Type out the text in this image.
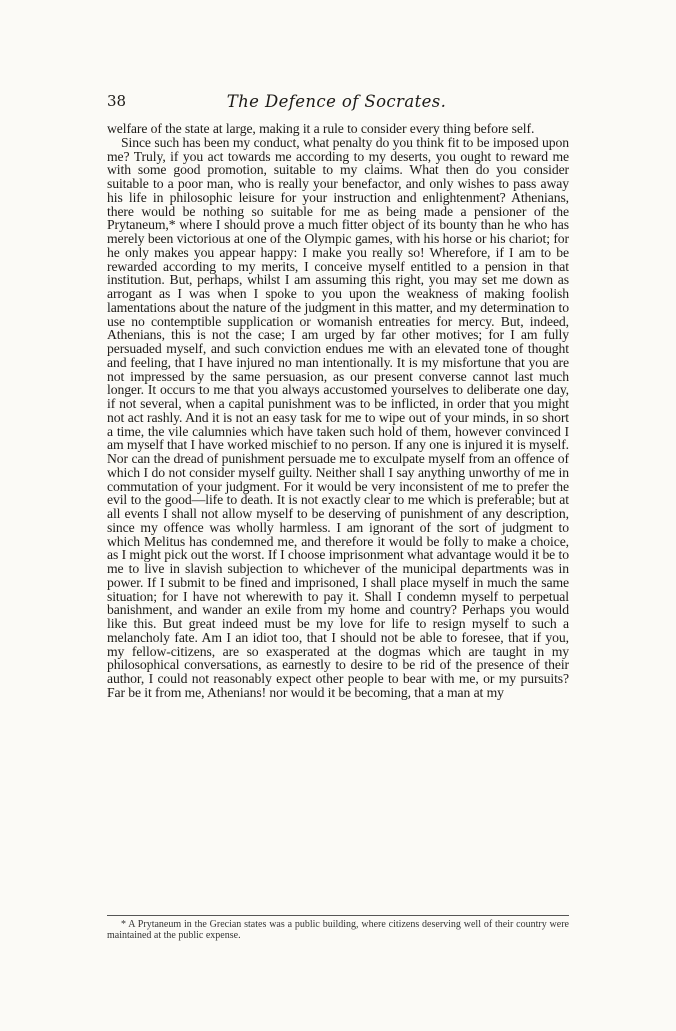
38	The Defence of Socrates.

welfare of the state at large, making it a rule to consider every thing before self.

Since such has been my conduct, what penalty do you think fit to be imposed upon me? Truly, if you act towards me according to my deserts, you ought to reward me with some good promotion, suitable to my claims. What then do you consider suitable to a poor man, who is really your benefactor, and only wishes to pass away his life in philosophic leisure for your instruction and enlightenment? Athenians, there would be nothing so suitable for me as being made a pensioner of the Prytaneum,* where I should prove a much fitter object of its bounty than he who has merely been victorious at one of the Olympic games, with his horse or his chariot; for he only makes you appear happy: I make you really so! Wherefore, if I am to be rewarded according to my merits, I conceive myself entitled to a pension in that institution. But, perhaps, whilst I am assuming this right, you may set me down as arrogant as I was when I spoke to you upon the weakness of making foolish lamentations about the nature of the judgment in this matter, and my determination to use no contemptible supplication or womanish entreaties for mercy. But, indeed, Athenians, this is not the case; I am urged by far other motives; for I am fully persuaded myself, and such conviction endues me with an elevated tone of thought and feeling, that I have injured no man intentionally. It is my misfortune that you are not impressed by the same persuasion, as our present converse cannot last much longer. It occurs to me that you always accustomed yourselves to deliberate one day, if not several, when a capital punishment was to be inflicted, in order that you might not act rashly. And it is not an easy task for me to wipe out of your minds, in so short a time, the vile calumnies which have taken such hold of them, however convinced I am myself that I have worked mischief to no person. If any one is injured it is myself. Nor can the dread of punishment persuade me to exculpate myself from an offence of which I do not consider myself guilty. Neither shall I say anything unworthy of me in commutation of your judgment. For it would be very inconsistent of me to prefer the evil to the good—life to death. It is not exactly clear to me which is preferable; but at all events I shall not allow myself to be deserving of punishment of any description, since my offence was wholly harmless. I am ignorant of the sort of judgment to which Melitus has condemned me, and therefore it would be folly to make a choice, as I might pick out the worst. If I choose imprisonment what advantage would it be to me to live in slavish subjection to whichever of the municipal departments was in power. If I submit to be fined and imprisoned, I shall place myself in much the same situation; for I have not wherewith to pay it. Shall I condemn myself to perpetual banishment, and wander an exile from my home and country? Perhaps you would like this. But great indeed must be my love for life to resign myself to such a melancholy fate. Am I an idiot too, that I should not be able to foresee, that if you, my fellow-citizens, are so exasperated at the dogmas which are taught in my philosophical conversations, as earnestly to desire to be rid of the presence of their author, I could not reasonably expect other people to bear with me, or my pursuits? Far be it from me, Athenians! nor would it be becoming, that a man at my

* A Prytaneum in the Grecian states was a public building, where citizens deserving well of their country were maintained at the public expense.
